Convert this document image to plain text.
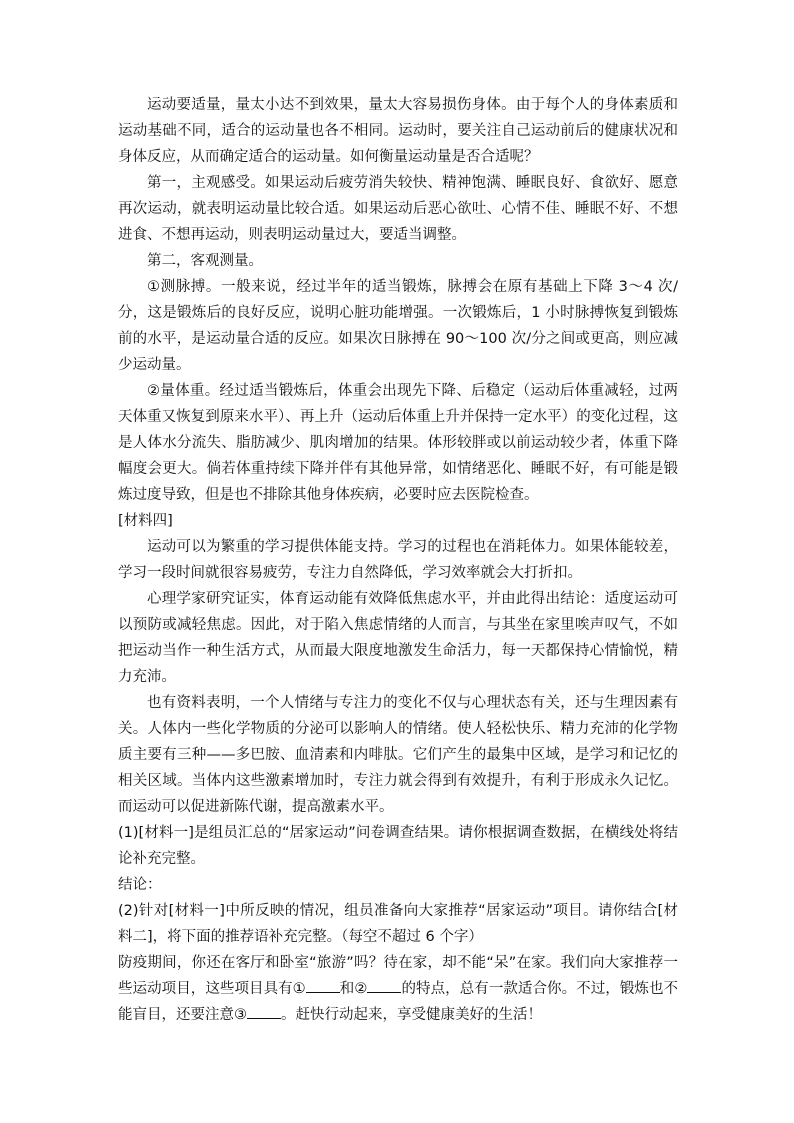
运动要适量，量太小达不到效果，量太大容易损伤身体。由于每个人的身体素质和运动基础不同，适合的运动量也各不相同。运动时，要关注自己运动前后的健康状况和身体反应，从而确定适合的运动量。如何衡量运动量是否合适呢？

第一，主观感受。如果运动后疲劳消失较快、精神饱满、睡眠良好、食欲好、愿意再次运动，就表明运动量比较合适。如果运动后恶心欲吐、心情不佳、睡眠不好、不想进食、不想再运动，则表明运动量过大，要适当调整。

第二，客观测量。

①测脉搏。一般来说，经过半年的适当锻炼，脉搏会在原有基础上下降 3～4 次/分，这是锻炼后的良好反应，说明心脏功能增强。一次锻炼后，1 小时脉搏恢复到锻炼前的水平，是运动量合适的反应。如果次日脉搏在 90～100 次/分之间或更高，则应减少运动量。

②量体重。经过适当锻炼后，体重会出现先下降、后稳定（运动后体重减轻，过两天体重又恢复到原来水平）、再上升（运动后体重上升并保持一定水平）的变化过程，这是人体水分流失、脂肪减少、肌肉增加的结果。体形较胖或以前运动较少者，体重下降幅度会更大。倘若体重持续下降并伴有其他异常，如情绪恶化、睡眠不好，有可能是锻炼过度导致，但是也不排除其他身体疾病，必要时应去医院检查。

[材料四]

运动可以为繁重的学习提供体能支持。学习的过程也在消耗体力。如果体能较差，学习一段时间就很容易疲劳，专注力自然降低，学习效率就会大打折扣。

心理学家研究证实，体育运动能有效降低焦虑水平，并由此得出结论：适度运动可以预防或减轻焦虑。因此，对于陷入焦虑情绪的人而言，与其坐在家里唉声叹气，不如把运动当作一种生活方式，从而最大限度地激发生命活力，每一天都保持心情愉悦，精力充沛。

也有资料表明，一个人情绪与专注力的变化不仅与心理状态有关，还与生理因素有关。人体内一些化学物质的分泌可以影响人的情绪。使人轻松快乐、精力充沛的化学物质主要有三种——多巴胺、血清素和内啡肽。它们产生的最集中区域，是学习和记忆的相关区域。当体内这些激素增加时，专注力就会得到有效提升，有利于形成永久记忆。而运动可以促进新陈代谢，提高激素水平。

(1)[材料一]是组员汇总的“居家运动”问卷调查结果。请你根据调查数据，在横线处将结论补充完整。

结论：

(2)针对[材料一]中所反映的情况，组员准备向大家推荐“居家运动”项目。请你结合[材料二]，将下面的推荐语补充完整。（每空不超过 6 个字）

防疫期间，你还在客厅和卧室“旅游”吗？待在家，却不能“呆”在家。我们向大家推荐一些运动项目，这些项目具有① 和② 的特点，总有一款适合你。不过，锻炼也不能盲目，还要注意③ 。赶快行动起来，享受健康美好的生活！
